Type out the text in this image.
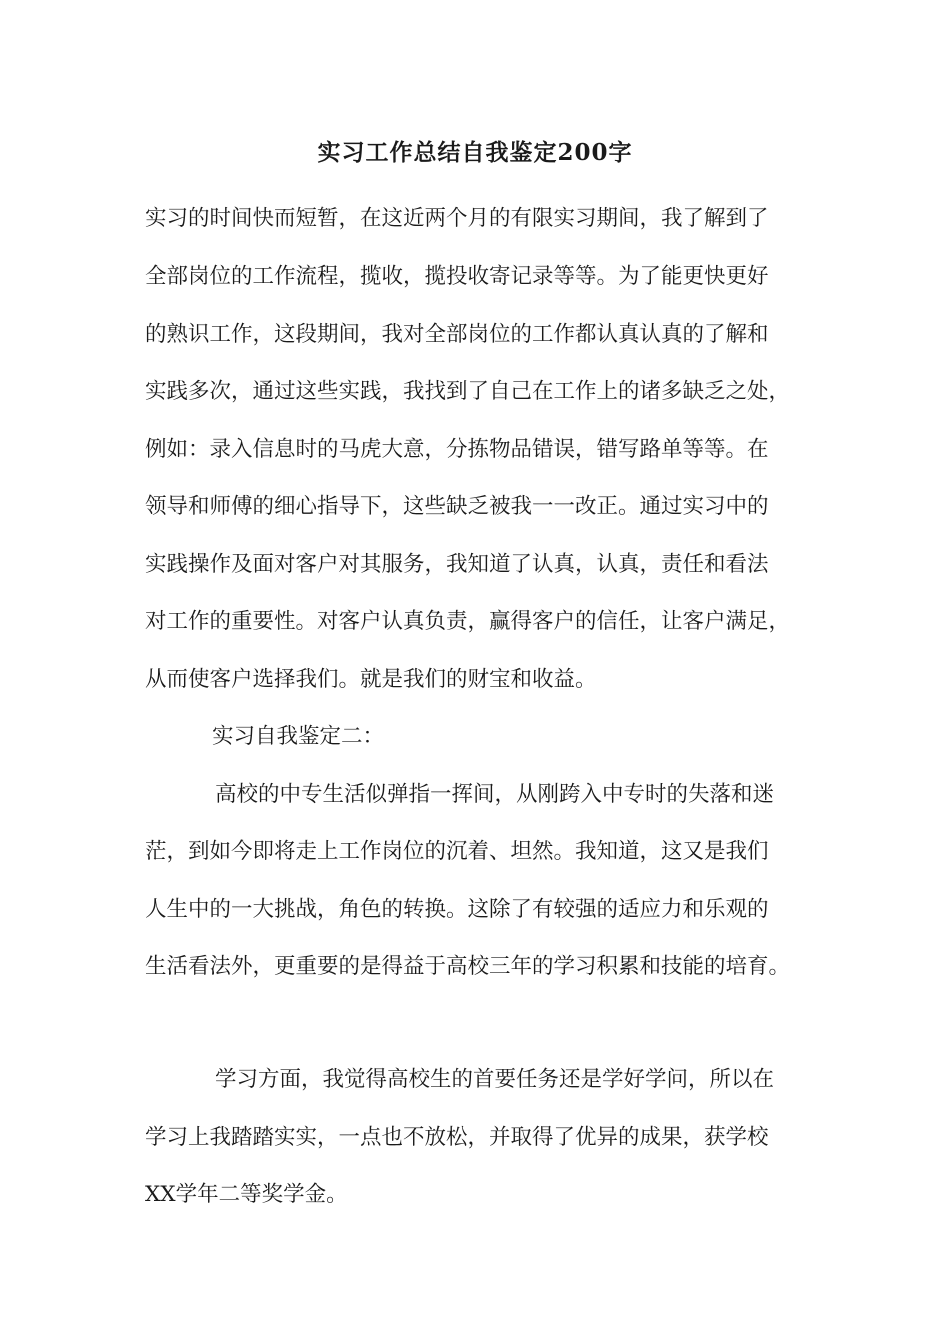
实习工作总结自我鉴定200字
实习的时间快而短暂，在这近两个月的有限实习期间，我了解到了
全部岗位的工作流程，揽收，揽投收寄记录等等。为了能更快更好
的熟识工作，这段期间，我对全部岗位的工作都认真认真的了解和
实践多次，通过这些实践，我找到了自己在工作上的诸多缺乏之处，
例如：录入信息时的马虎大意，分拣物品错误，错写路单等等。在
领导和师傅的细心指导下，这些缺乏被我一一改正。通过实习中的
实践操作及面对客户对其服务，我知道了认真，认真，责任和看法
对工作的重要性。对客户认真负责，赢得客户的信任，让客户满足，
从而使客户选择我们。就是我们的财宝和收益。
实习自我鉴定二：
高校的中专生活似弹指一挥间，从刚跨入中专时的失落和迷
茫，到如今即将走上工作岗位的沉着、坦然。我知道，这又是我们
人生中的一大挑战，角色的转换。这除了有较强的适应力和乐观的
生活看法外，更重要的是得益于高校三年的学习积累和技能的培育。
学习方面，我觉得高校生的首要任务还是学好学问，所以在
学习上我踏踏实实，一点也不放松，并取得了优异的成果，获学校
XX学年二等奖学金。
